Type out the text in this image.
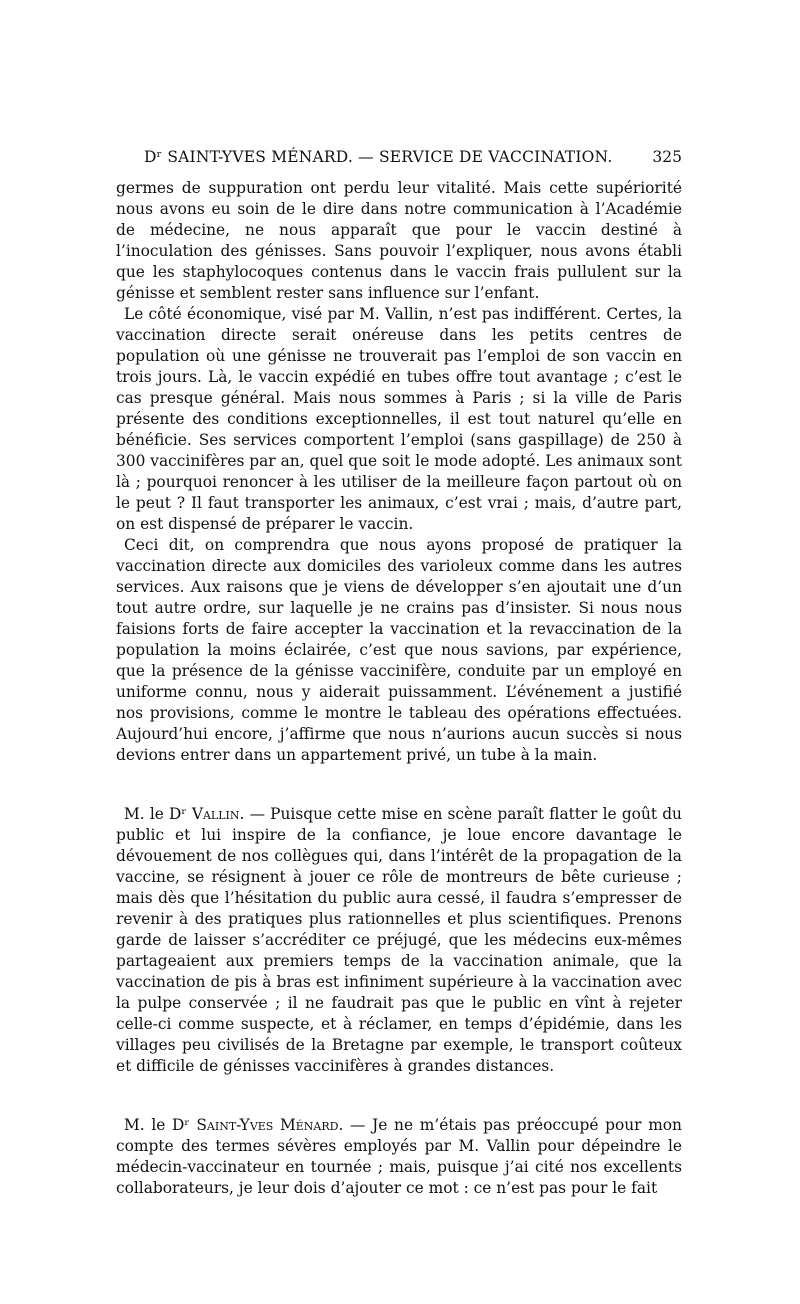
Dʳ SAINT-YVES MÉNARD. — SERVICE DE VACCINATION.	325

germes de suppuration ont perdu leur vitalité. Mais cette supériorité nous avons eu soin de le dire dans notre communication à l’Académie de médecine, ne nous apparaît que pour le vaccin destiné à l’inoculation des génisses. Sans pouvoir l’expliquer, nous avons établi que les staphylocoques contenus dans le vaccin frais pullulent sur la génisse et semblent rester sans influence sur l’enfant.

Le côté économique, visé par M. Vallin, n’est pas indifférent. Certes, la vaccination directe serait onéreuse dans les petits centres de population où une génisse ne trouverait pas l’emploi de son vaccin en trois jours. Là, le vaccin expédié en tubes offre tout avantage ; c’est le cas presque général. Mais nous sommes à Paris ; si la ville de Paris présente des conditions exceptionnelles, il est tout naturel qu’elle en bénéficie. Ses services comportent l’emploi (sans gaspillage) de 250 à 300 vaccinifères par an, quel que soit le mode adopté. Les animaux sont là ; pourquoi renoncer à les utiliser de la meilleure façon partout où on le peut ? Il faut transporter les animaux, c’est vrai ; mais, d’autre part, on est dispensé de préparer le vaccin.

Ceci dit, on comprendra que nous ayons proposé de pratiquer la vaccination directe aux domiciles des varioleux comme dans les autres services. Aux raisons que je viens de développer s’en ajoutait une d’un tout autre ordre, sur laquelle je ne crains pas d’insister. Si nous nous faisions forts de faire accepter la vaccination et la revaccination de la population la moins éclairée, c’est que nous savions, par expérience, que la présence de la génisse vaccinifère, conduite par un employé en uniforme connu, nous y aiderait puissamment. L’événement a justifié nos provisions, comme le montre le tableau des opérations effectuées. Aujourd’hui encore, j’affirme que nous n’aurions aucun succès si nous devions entrer dans un appartement privé, un tube à la main.

M. le Dʳ Vallin. — Puisque cette mise en scène paraît flatter le goût du public et lui inspire de la confiance, je loue encore davantage le dévouement de nos collègues qui, dans l’intérêt de la propagation de la vaccine, se résignent à jouer ce rôle de montreurs de bête curieuse ; mais dès que l’hésitation du public aura cessé, il faudra s’empresser de revenir à des pratiques plus rationnelles et plus scientifiques. Prenons garde de laisser s’accréditer ce préjugé, que les médecins eux-mêmes partageaient aux premiers temps de la vaccination animale, que la vaccination de pis à bras est infiniment supérieure à la vaccination avec la pulpe conservée ; il ne faudrait pas que le public en vînt à rejeter celle-ci comme suspecte, et à réclamer, en temps d’épidémie, dans les villages peu civilisés de la Bretagne par exemple, le transport coûteux et difficile de génisses vaccinifères à grandes distances.

M. le Dʳ Saint-Yves Ménard. — Je ne m’étais pas préoccupé pour mon compte des termes sévères employés par M. Vallin pour dépeindre le médecin-vaccinateur en tournée ; mais, puisque j’ai cité nos excellents collaborateurs, je leur dois d’ajouter ce mot : ce n’est pas pour le fait
